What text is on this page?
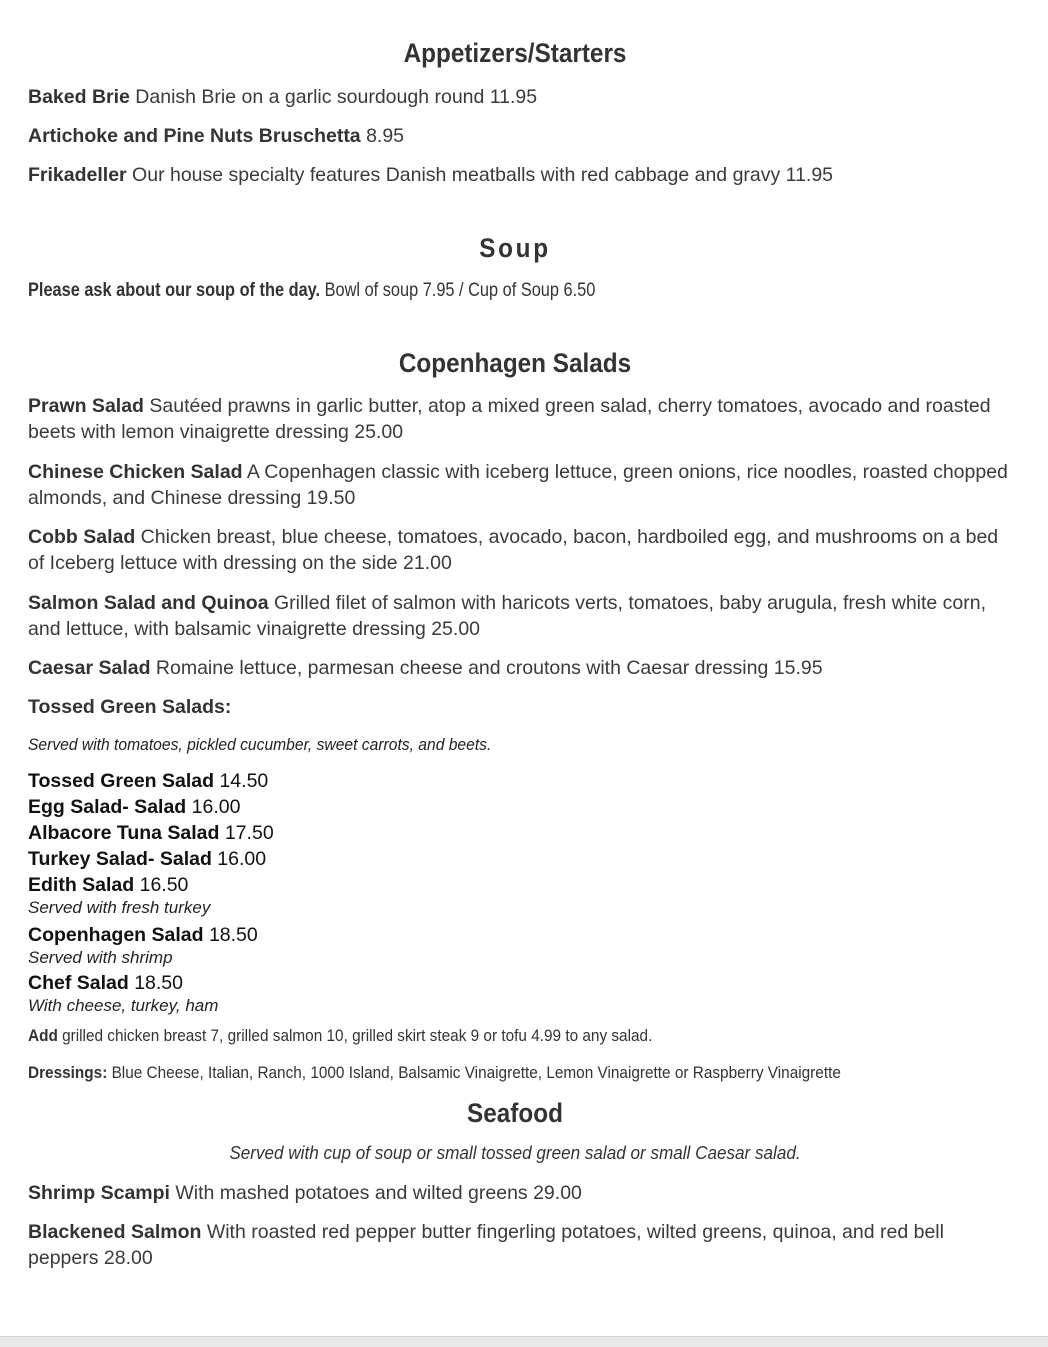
Appetizers/Starters
Baked Brie Danish Brie on a garlic sourdough round 11.95
Artichoke and Pine Nuts Bruschetta 8.95
Frikadeller Our house specialty features Danish meatballs with red cabbage and gravy 11.95
Soup
Please ask about our soup of the day. Bowl of soup 7.95 / Cup of Soup 6.50
Copenhagen Salads
Prawn Salad Sautéed prawns in garlic butter, atop a mixed green salad, cherry tomatoes, avocado and roasted beets with lemon vinaigrette dressing 25.00
Chinese Chicken Salad A Copenhagen classic with iceberg lettuce, green onions, rice noodles, roasted chopped almonds, and Chinese dressing 19.50
Cobb Salad Chicken breast, blue cheese, tomatoes, avocado, bacon, hardboiled egg, and mushrooms on a bed of Iceberg lettuce with dressing on the side 21.00
Salmon Salad and Quinoa Grilled filet of salmon with haricots verts, tomatoes, baby arugula, fresh white corn, and lettuce, with balsamic vinaigrette dressing 25.00
Caesar Salad Romaine lettuce, parmesan cheese and croutons with Caesar dressing 15.95
Tossed Green Salads:
Served with tomatoes, pickled cucumber, sweet carrots, and beets.
Tossed Green Salad 14.50
Egg Salad- Salad 16.00
Albacore Tuna Salad 17.50
Turkey Salad- Salad 16.00
Edith Salad 16.50
Served with fresh turkey
Copenhagen Salad 18.50
Served with shrimp
Chef Salad 18.50
With cheese, turkey, ham
Add grilled chicken breast 7, grilled salmon 10, grilled skirt steak 9 or tofu 4.99 to any salad.
Dressings: Blue Cheese, Italian, Ranch, 1000 Island, Balsamic Vinaigrette, Lemon Vinaigrette or Raspberry Vinaigrette
Seafood
Served with cup of soup or small tossed green salad or small Caesar salad.
Shrimp Scampi With mashed potatoes and wilted greens 29.00
Blackened Salmon With roasted red pepper butter fingerling potatoes, wilted greens, quinoa, and red bell peppers 28.00
